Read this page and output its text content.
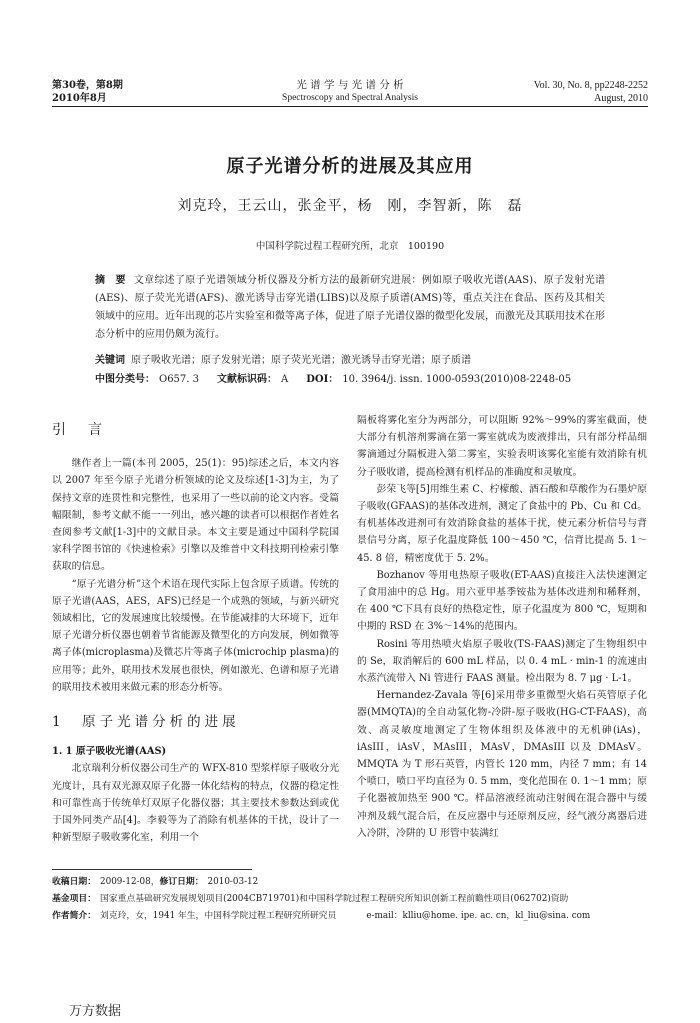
第30卷，第8期
2010年8月
光 谱 学 与 光 谱 分 析
Spectroscopy and Spectral Analysis
Vol. 30, No. 8, pp2248-2252
August, 2010
原子光谱分析的进展及其应用
刘克玲，王云山，张金平，杨　刚，李智新，陈　磊
中国科学院过程工程研究所，北京　100190
摘　要 文章综述了原子光谱领域分析仪器及分析方法的最新研究进展：例如原子吸收光谱(AAS)、原子发射光谱(AES)、原子荧光光谱(AFS)、激光诱导击穿光谱(LIBS)以及原子质谱(AMS)等，重点关注在食品、医药及其相关领域中的应用。近年出现的芯片实验室和微等离子体，促进了原子光谱仪器的微型化发展，而激光及其联用技术在形态分析中的应用仍颇为流行。
关键词 原子吸收光谱；原子发射光谱；原子荧光光谱；激光诱导击穿光谱；原子质谱
中图分类号： O657. 3 文献标识码： A DOI： 10. 3964/j. issn. 1000-0593(2010)08-2248-05
引　言

继作者上一篇(本刊 2005，25(1)：95)综述之后，本文内容以 2007 年至今原子光谱分析领域的论文及综述[1-3]为主，为了保持文章的连贯性和完整性，也采用了一些以前的论文内容。受篇幅限制，参考文献不能一一列出，感兴趣的读者可以根据作者姓名查阅参考文献[1-3]中的文献目录。本文主要是通过中国科学院国家科学图书馆的《快速检索》引擎以及维普中文科技期刊检索引擎获取的信息。

“原子光谱分析”这个术语在现代实际上包含原子质谱。传统的原子光谱(AAS，AES，AFS)已经是一个成熟的领域，与新兴研究领域相比，它的发展速度比较缓慢。在节能减排的大环境下，近年原子光谱分析仪器也朝着节省能源及微型化的方向发展，例如微等离子体(microplasma)及微芯片等离子体(microchip plasma)的应用等；此外，联用技术发展也很快，例如激光、色谱和原子光谱的联用技术被用来做元素的形态分析等。

1　原子光谱分析的进展
1. 1 原子吸收光谱(AAS)

北京瑞利分析仪器公司生产的 WFX-810 型浆样原子吸收分光光度计，具有双光源双原子化器一体化结构的特点，仪器的稳定性和可靠性高于传统单灯双原子化器仪器；其主要技术参数达到或优于国外同类产品[4]。李毅等为了消除有机基体的干扰，设计了一种新型原子吸收雾化室，利用一个

隔板将雾化室分为两部分，可以阻断 92%～99%的雾室截面，使大部分有机溶剂雾滴在第一雾室就成为废液排出，只有部分样品细雾滴通过分隔板进入第二雾室，实验表明该雾化室能有效消除有机分子吸收谱，提高检测有机样品的准确度和灵敏度。

彭荣飞等[5]用维生素 C、柠檬酸、酒石酸和草酸作为石墨炉原子吸收(GFAAS)的基体改进剂，测定了食盐中的 Pb、Cu 和 Cd。有机基体改进剂可有效消除食盐的基体干扰，使元素分析信号与背景信号分离，原子化温度降低 100～450 ℃，信背比提高 5. 1～45. 8 倍，精密度优于 5. 2%。

Bozhanov 等用电热原子吸收(ET-AAS)直接注入法快速测定了食用油中的总 Hg。用六亚甲基季铵盐为基体改进剂和稀释剂，在 400 ℃下具有良好的热稳定性，原子化温度为 800 ℃，短期和中期的 RSD 在 3%～14%的范围内。

Rosini 等用热喷火焰原子吸收(TS-FAAS)测定了生物组织中的 Se，取消解后的 600 mL 样品，以 0. 4 mL · min-1 的流速由水蒸汽流带入 Ni 管进行 FAAS 测量。检出限为 8. 7 μg · L-1。

Hernandez-Zavala 等[6]采用带多重微型火焰石英管原子化器(MMQTA)的全自动氢化物-冷阱-原子吸收(HG-CT-FAAS)，高效、高灵敏度地测定了生物体组织及体液中的无机砷(iAs)，iAsIII，iAsV，MAsIII，MAsV，DMAsIII 以及 DMAsV。MMQTA 为 T 形石英管，内管长 120 mm，内径 7 mm；有 14 个喷口，喷口平均直径为 0. 5 mm，变化范围在 0. 1～1 mm；原子化器被加热至 900 ℃。样品溶液经流动注射阀在混合器中与缓冲剂及载气混合后，在反应器中与还原剂反应，经气液分离器后进入冷阱，冷阱的 U 形管中装满红

收稿日期： 2009-12-08，修订日期： 2010-03-12
基金项目： 国家重点基础研究发展规划项目(2004CB719701)和中国科学院过程工程研究所知识创新工程前瞻性项目(062702)资助
作者简介： 刘克玲，女，1941 年生，中国科学院过程工程研究所研究员	e-mail：klliu@home. ipe. ac. cn，kl_liu@sina. com
万方数据
